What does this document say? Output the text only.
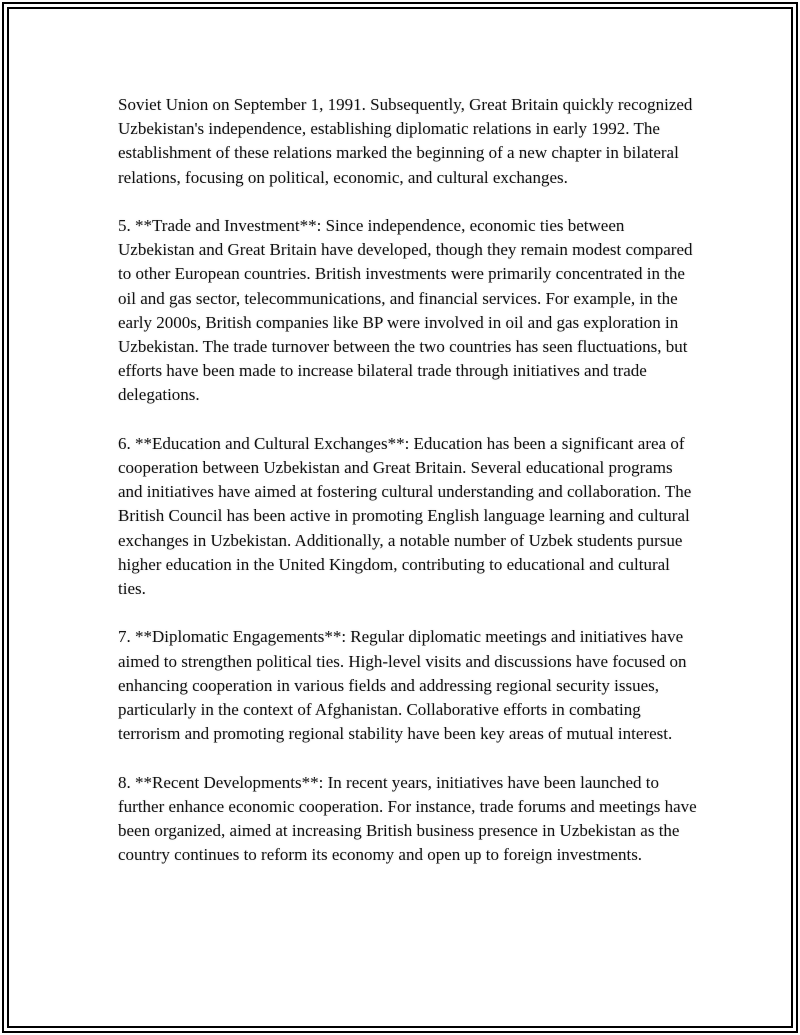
Soviet Union on September 1, 1991. Subsequently, Great Britain quickly recognized Uzbekistan's independence, establishing diplomatic relations in early 1992. The establishment of these relations marked the beginning of a new chapter in bilateral relations, focusing on political, economic, and cultural exchanges.

5. **Trade and Investment**: Since independence, economic ties between Uzbekistan and Great Britain have developed, though they remain modest compared to other European countries. British investments were primarily concentrated in the oil and gas sector, telecommunications, and financial services. For example, in the early 2000s, British companies like BP were involved in oil and gas exploration in Uzbekistan. The trade turnover between the two countries has seen fluctuations, but efforts have been made to increase bilateral trade through initiatives and trade delegations.

6. **Education and Cultural Exchanges**: Education has been a significant area of cooperation between Uzbekistan and Great Britain. Several educational programs and initiatives have aimed at fostering cultural understanding and collaboration. The British Council has been active in promoting English language learning and cultural exchanges in Uzbekistan. Additionally, a notable number of Uzbek students pursue higher education in the United Kingdom, contributing to educational and cultural ties.

7. **Diplomatic Engagements**: Regular diplomatic meetings and initiatives have aimed to strengthen political ties. High-level visits and discussions have focused on enhancing cooperation in various fields and addressing regional security issues, particularly in the context of Afghanistan. Collaborative efforts in combating terrorism and promoting regional stability have been key areas of mutual interest.

8. **Recent Developments**: In recent years, initiatives have been launched to further enhance economic cooperation. For instance, trade forums and meetings have been organized, aimed at increasing British business presence in Uzbekistan as the country continues to reform its economy and open up to foreign investments.
